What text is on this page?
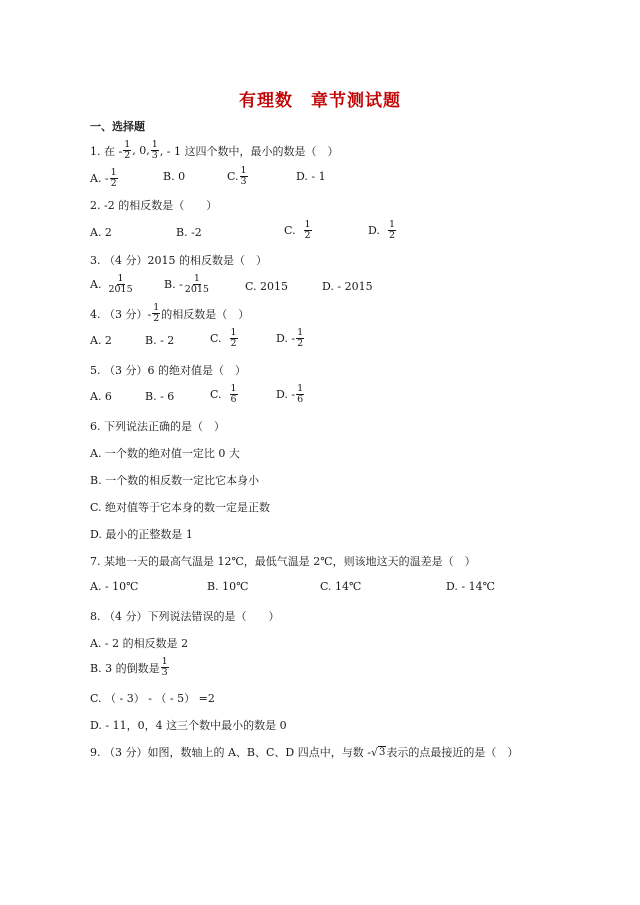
有理数　章节测试题
一、选择题
1. 在 - $\frac{1}{2}$ , 0, $\frac{1}{3}$ , - 1 这四个数中，最小的数是（　）
A. - $\frac{1}{2}$	B. 0	C. $\frac{1}{3}$	D. - 1
2. -2 的相反数是（　　）
A. 2	B. -2	C. $\frac{1}{2}$	D. $\frac{1}{2}$
3. （4 分）2015 的相反数是（　）
A. $\frac{1}{2015}$	B. - $\frac{1}{2015}$	C. 2015	D. - 2015
4. （3 分）- $\frac{1}{2}$ 的相反数是（　）
A. 2	B. - 2	C. $\frac{1}{2}$	D. - $\frac{1}{2}$
5. （3 分）6 的绝对值是（　）
A. 6	B. - 6	C. $\frac{1}{6}$	D. - $\frac{1}{6}$
6. 下列说法正确的是（　）
A. 一个数的绝对值一定比 0 大
B. 一个数的相反数一定比它本身小
C. 绝对值等于它本身的数一定是正数
D. 最小的正整数是 1
7. 某地一天的最高气温是 12℃，最低气温是 2℃，则该地这天的温差是（　）
A. - 10℃	B. 10℃	C. 14℃	D. - 14℃
8. （4 分）下列说法错误的是（　　）
A. - 2 的相反数是 2
B. 3 的倒数是 $\frac{1}{3}$
C. （ - 3） - （ - 5） =2
D. - 11，0，4 这三个数中最小的数是 0
9. （3 分）如图，数轴上的 A、B、C、D 四点中，与数 - √ 3 表示的点最接近的是（　）
